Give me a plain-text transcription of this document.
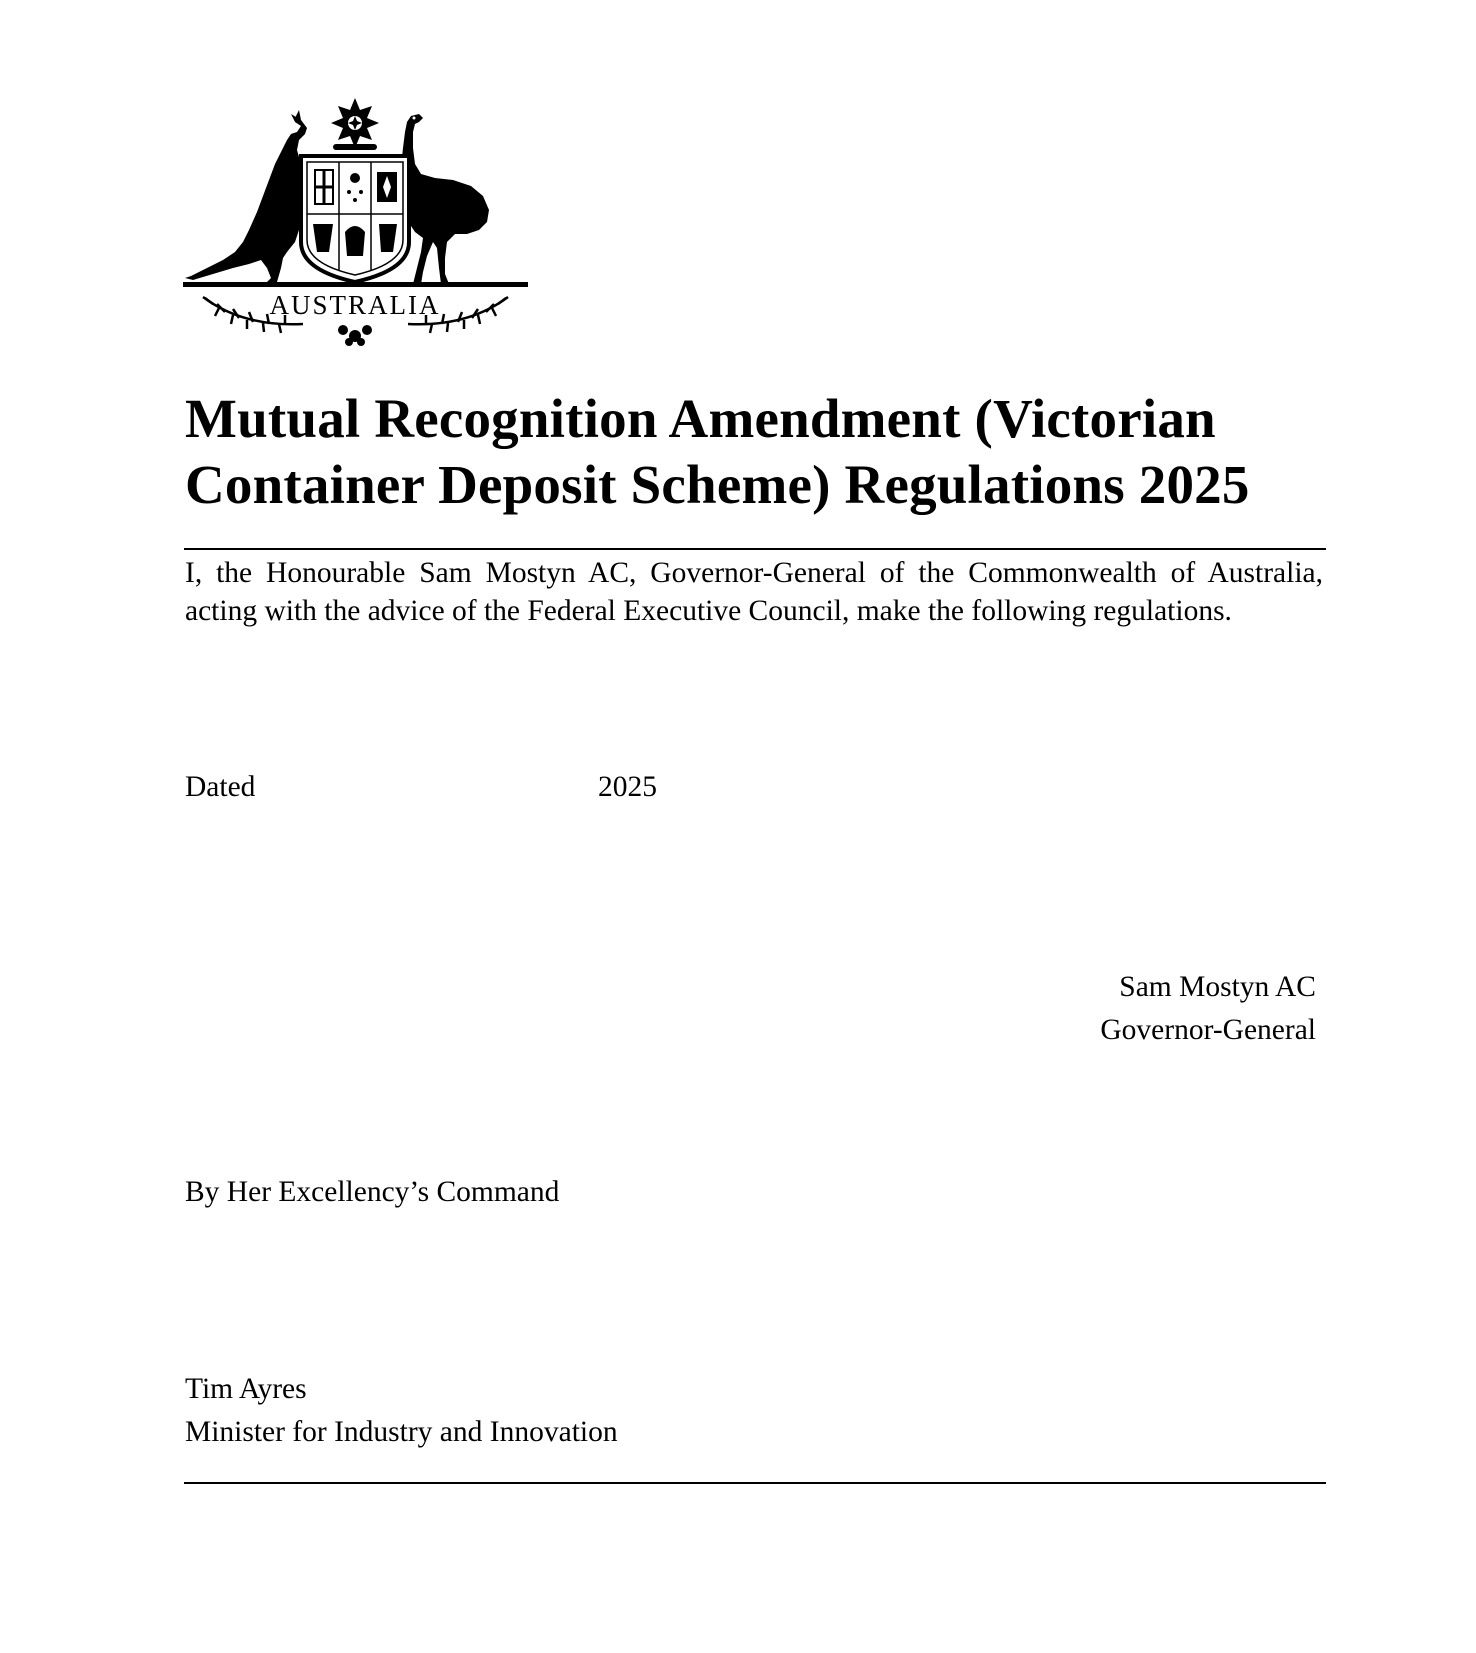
AUSTRALIA
Mutual Recognition Amendment (Victorian
Container Deposit Scheme) Regulations 2025

I, the Honourable Sam Mostyn AC, Governor-General of the Commonwealth of Australia, acting with the advice of the Federal Executive Council, make the following regulations.

Dated	2025
Sam Mostyn AC
Governor-General
By Her Excellency’s Command
Tim Ayres
Minister for Industry and Innovation
